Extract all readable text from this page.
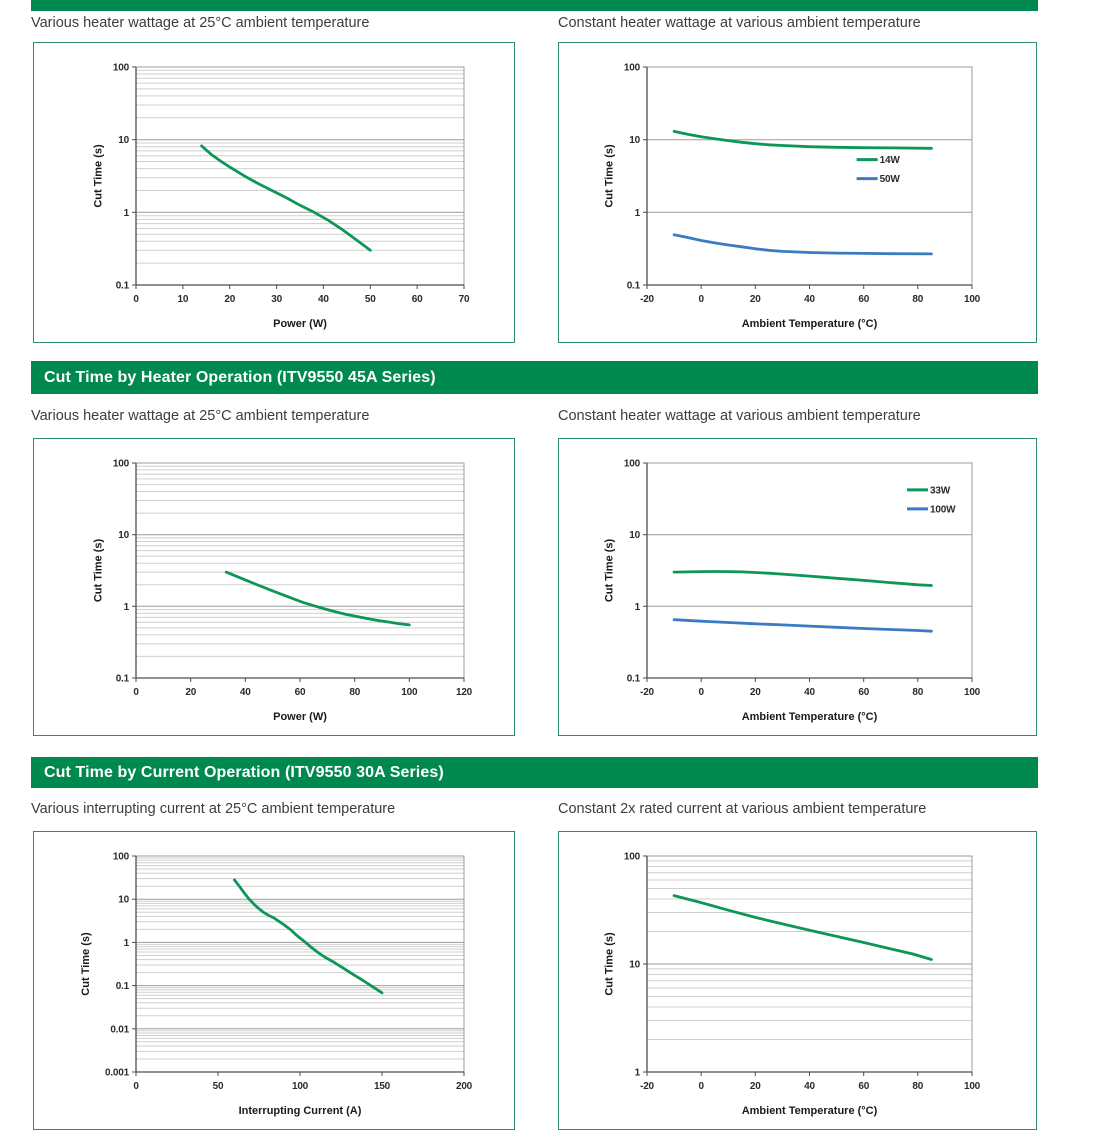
Various heater wattage at 25°C ambient temperature	Constant heater wattage at various ambient temperature
0	10	20	30	40	50	60	70
100
10
1
0.1
Power (W)
Cut Time (s)
-20	0	20	40	60	80	100
100
10
1
0.1
14W
50W
Ambient Temperature (°C)
Cut Time (s)
Cut Time by Heater Operation (ITV9550 45A Series)
Various heater wattage at 25°C ambient temperature	Constant heater wattage at various ambient temperature
0	20	40	60	80	100	120
100
10
1
0.1
Power (W)
Cut Time (s)
-20	0	20	40	60	80	100
100
10
1
0.1
33W
100W
Ambient Temperature (°C)
Cut Time (s)
Cut Time by Current Operation (ITV9550 30A Series)
Various interrupting current at 25°C ambient temperature	Constant 2x rated current at various ambient temperature
0	50	100	150	200
100
10
1
0.1
0.01
0.001
Interrupting Current (A)
Cut Time (s)
-20	0	20	40	60	80	100
100
10
1
Ambient Temperature (°C)
Cut Time (s)
